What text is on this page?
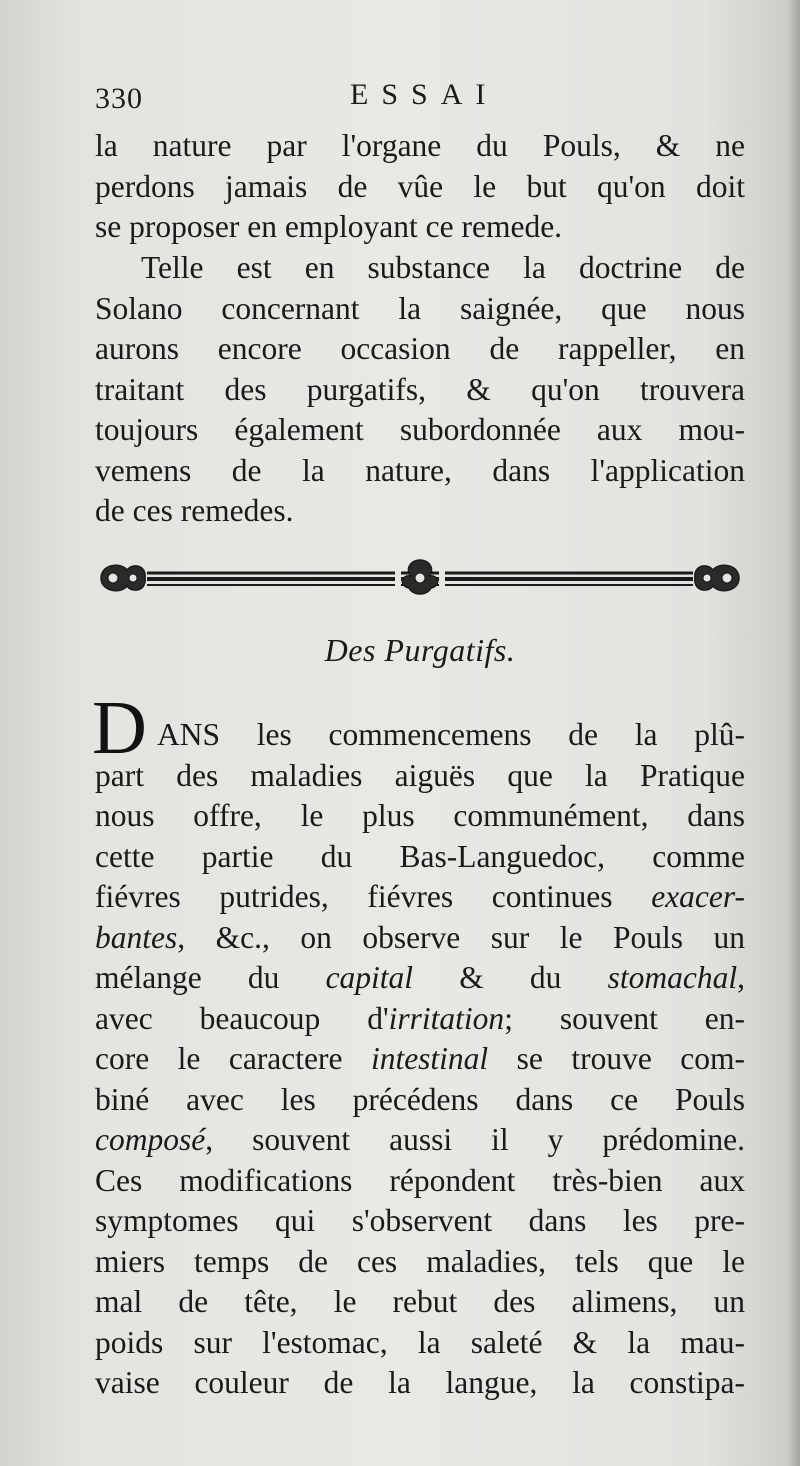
330	ESSAI
la nature par l'organe du Pouls, & ne
perdons jamais de vûe le but qu'on doit
se proposer en employant ce remede.
Telle est en substance la doctrine de
Solano concernant la saignée, que nous
aurons encore occasion de rappeller, en
traitant des purgatifs, & qu'on trouvera
toujours également subordonnée aux mou-
vemens de la nature, dans l'application
de ces remedes.
Des Purgatifs.
D ANS les commencemens de la plû-
part des maladies aiguës que la Pratique
nous offre, le plus communément, dans
cette partie du Bas-Languedoc, comme
fiévres putrides, fiévres continues exacer-
bantes, &c., on observe sur le Pouls un
mélange du capital & du stomachal,
avec beaucoup d'irritation; souvent en-
core le caractere intestinal se trouve com-
biné avec les précédens dans ce Pouls
composé, souvent aussi il y prédomine.
Ces modifications répondent très-bien aux
symptomes qui s'observent dans les pre-
miers temps de ces maladies, tels que le
mal de tête, le rebut des alimens, un
poids sur l'estomac, la saleté & la mau-
vaise couleur de la langue, la constipa-
